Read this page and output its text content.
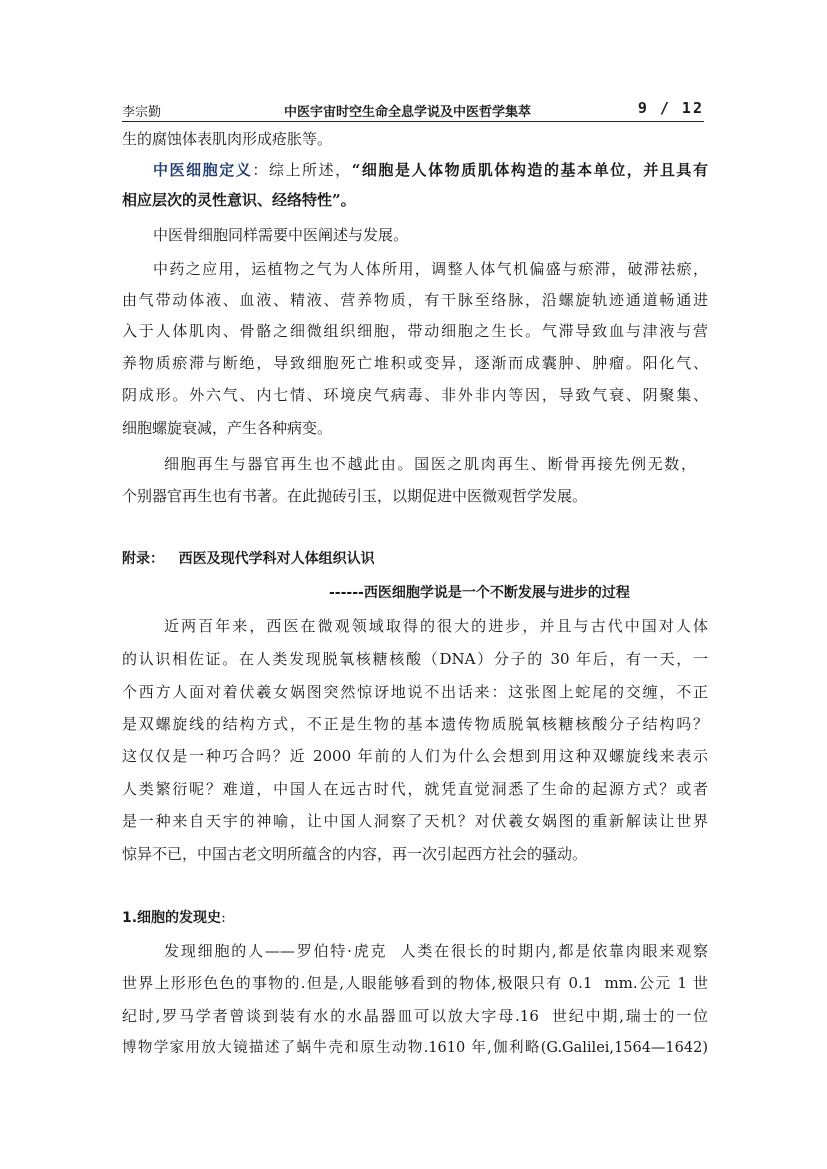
李宗勤	中医宇宙时空生命全息学说及中医哲学集萃	9 / 12
生的腐蚀体表肌肉形成疮胀等。
中医细胞定义：综上所述，“细胞是人体物质肌体构造的基本单位，并且具有
相应层次的灵性意识、经络特性”。
中医骨细胞同样需要中医阐述与发展。
中药之应用，运植物之气为人体所用，调整人体气机偏盛与瘀滞，破滞祛瘀，
由气带动体液、血液、精液、营养物质，有干脉至络脉，沿螺旋轨迹通道畅通进
入于人体肌肉、骨骼之细微组织细胞，带动细胞之生长。气滞导致血与津液与营
养物质瘀滞与断绝，导致细胞死亡堆积或变异，逐渐而成囊肿、肿瘤。阳化气、
阴成形。外六气、内七情、环境戾气病毒、非外非内等因，导致气衰、阴聚集、
细胞螺旋衰减，产生各种病变。
细胞再生与器官再生也不越此由。国医之肌肉再生、断骨再接先例无数，
个别器官再生也有书著。在此抛砖引玉，以期促进中医微观哲学发展。
附录：   西医及现代学科对人体组织认识
------西医细胞学说是一个不断发展与进步的过程
近两百年来，西医在微观领域取得的很大的进步，并且与古代中国对人体
的认识相佐证。在人类发现脱氧核糖核酸（DNA）分子的 30 年后，有一天，一
个西方人面对着伏羲女娲图突然惊讶地说不出话来：这张图上蛇尾的交缠，不正
是双螺旋线的结构方式，不正是生物的基本遗传物质脱氧核糖核酸分子结构吗？
这仅仅是一种巧合吗？近 2000 年前的人们为什么会想到用这种双螺旋线来表示
人类繁衍呢？难道，中国人在远古时代，就凭直觉洞悉了生命的起源方式？或者
是一种来自天宇的神喻，让中国人洞察了天机？对伏羲女娲图的重新解读让世界
惊异不已，中国古老文明所蕴含的内容，再一次引起西方社会的骚动。
1.细胞的发现史:
发现细胞的人——罗伯特·虎克  人类在很长的时期内,都是依靠肉眼来观察
世界上形形色色的事物的.但是,人眼能够看到的物体,极限只有 0.1  mm.公元 1 世
纪时,罗马学者曾谈到装有水的水晶器皿可以放大字母.16  世纪中期,瑞士的一位
博物学家用放大镜描述了蜗牛壳和原生动物.1610 年,伽利略(G.Galilei,1564—1642)
